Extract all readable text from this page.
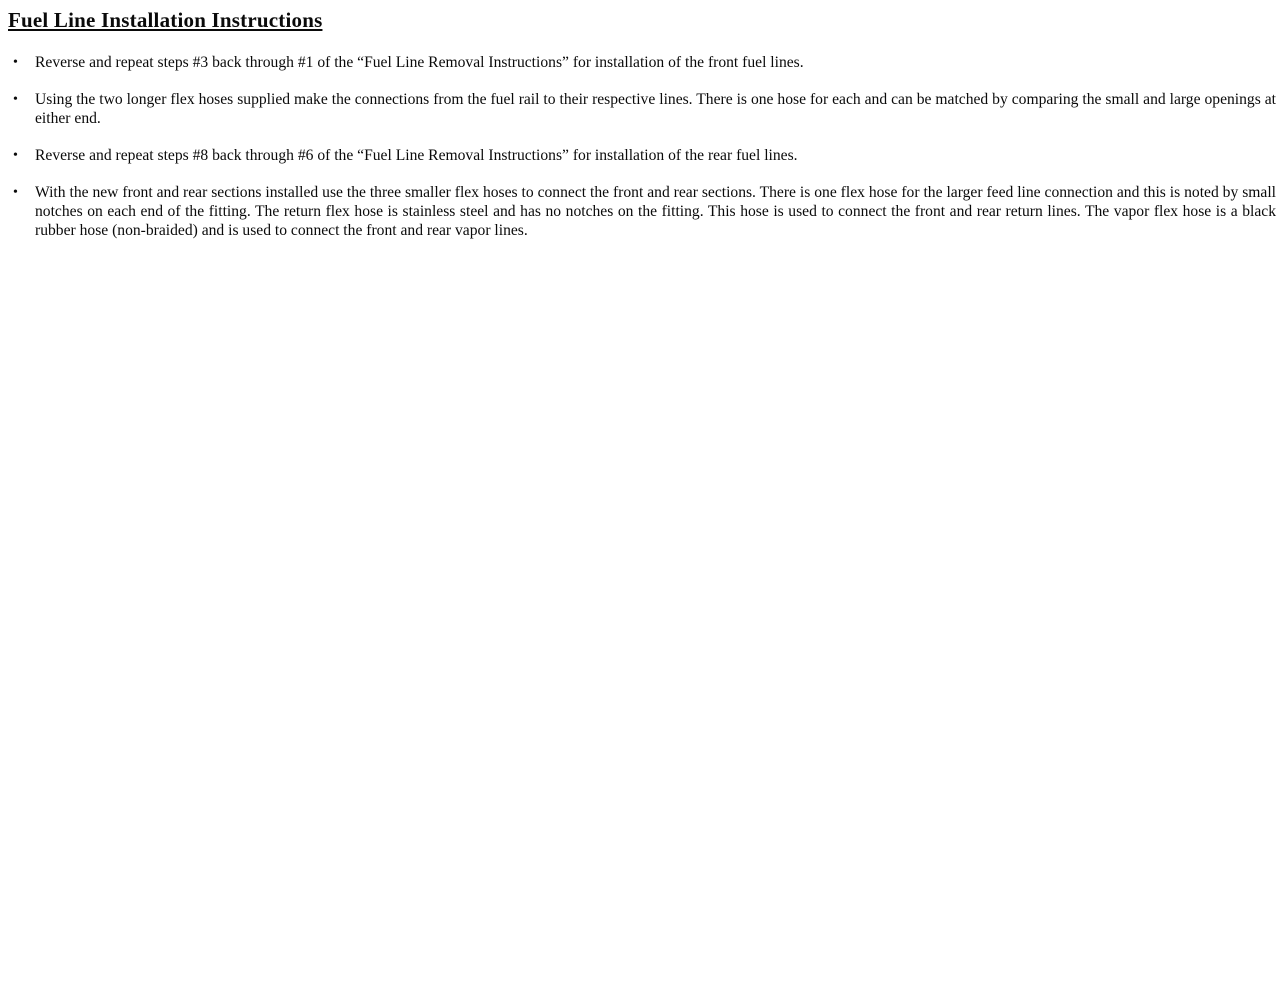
Fuel Line Installation Instructions
•	Reverse and repeat steps #3 back through #1 of the “Fuel Line Removal Instructions” for installation of the front fuel lines.
•	Using the two longer flex hoses supplied make the connections from the fuel rail to their respective lines. There is one hose for each and can be matched by comparing the small and large openings at either end.
•	Reverse and repeat steps #8 back through #6 of the “Fuel Line Removal Instructions” for installation of the rear fuel lines.
•	With the new front and rear sections installed use the three smaller flex hoses to connect the front and rear sections. There is one flex hose for the larger feed line connection and this is noted by small notches on each end of the fitting. The return flex hose is stainless steel and has no notches on the fitting. This hose is used to connect the front and rear return lines. The vapor flex hose is a black rubber hose (non-braided) and is used to connect the front and rear vapor lines.
